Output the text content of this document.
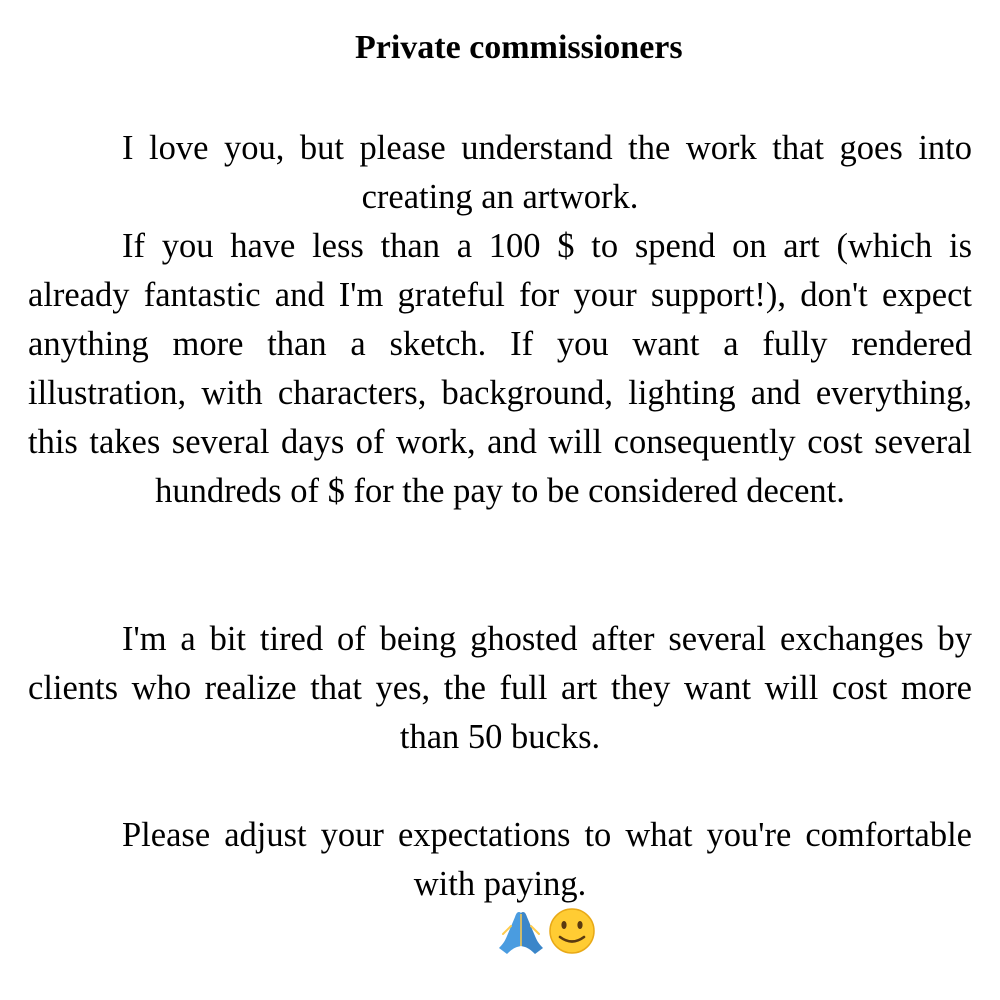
Private commissioners

I love you, but please understand the work that goes into creating an artwork.

If you have less than a 100 $ to spend on art (which is already fantastic and I'm grateful for your support!), don't expect anything more than a sketch. If you want a fully rendered illustration, with characters, background, lighting and everything, this takes several days of work, and will consequently cost several hundreds of $ for the pay to be considered decent.

I'm a bit tired of being ghosted after several exchanges by clients who realize that yes, the full art they want will cost more than 50 bucks.

Please adjust your expectations to what you're comfortable with paying.
